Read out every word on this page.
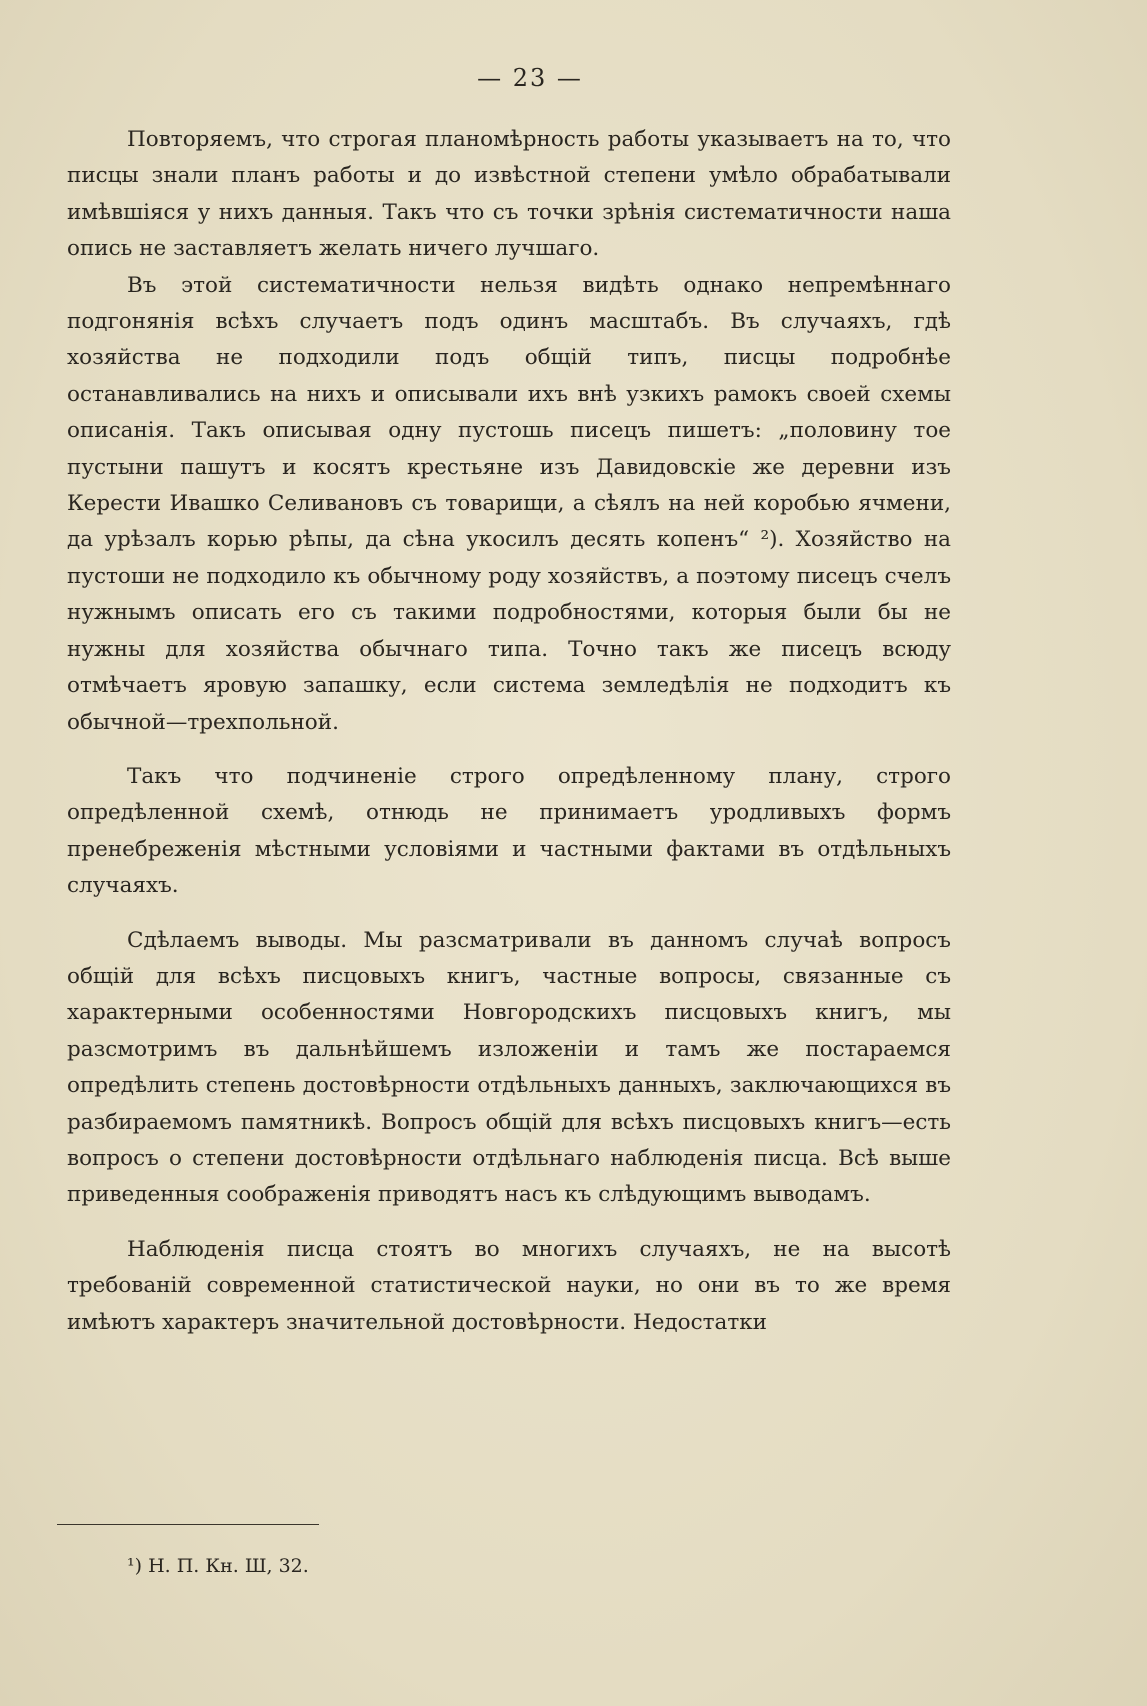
— 23 —

Повторяемъ, что строгая планомѣрность работы указываетъ на то, что писцы знали планъ работы и до извѣстной степени умѣло обрабатывали имѣвшіяся у нихъ данныя. Такъ что съ точки зрѣнія систематичности наша опись не заставляетъ желать ничего лучшаго.

Въ этой систематичности нельзя видѣть однако непремѣннаго подгонянія всѣхъ случаетъ подъ одинъ масштабъ. Въ случаяхъ, гдѣ хозяйства не подходили подъ общій типъ, писцы подробнѣе останавливались на нихъ и описывали ихъ внѣ узкихъ рамокъ своей схемы описанія. Такъ описывая одну пустошь писецъ пишетъ: „половину тое пустыни пашутъ и косятъ крестьяне изъ Давидовскіе же деревни изъ Керести Ивашко Селивановъ съ товарищи, а сѣялъ на ней коробью ячмени, да урѣзалъ корью рѣпы, да сѣна укосилъ десять копенъ“ ²). Хозяйство на пустоши не подходило къ обычному роду хозяйствъ, а поэтому писецъ счелъ нужнымъ описать его съ такими подробностями, которыя были бы не нужны для хозяйства обычнаго типа. Точно такъ же писецъ всюду отмѣчаетъ яровую запашку, если система земледѣлія не подходитъ къ обычной—трехпольной.

Такъ что подчиненіе строго опредѣленному плану, строго опредѣленной схемѣ, отнюдь не принимаетъ уродливыхъ формъ пренебреженія мѣстными условіями и частными фактами въ отдѣльныхъ случаяхъ.

Сдѣлаемъ выводы. Мы разсматривали въ данномъ случаѣ вопросъ общій для всѣхъ писцовыхъ книгъ, частные вопросы, связанные съ характерными особенностями Новгородскихъ писцовыхъ книгъ, мы разсмотримъ въ дальнѣйшемъ изложеніи и тамъ же постараемся опредѣлить степень достовѣрности отдѣльныхъ данныхъ, заключающихся въ разбираемомъ памятникѣ. Вопросъ общій для всѣхъ писцовыхъ книгъ—есть вопросъ о степени достовѣрности отдѣльнаго наблюденія писца. Всѣ выше приведенныя соображенія приводятъ насъ къ слѣдующимъ выводамъ.

Наблюденія писца стоятъ во многихъ случаяхъ, не на высотѣ требованій современной статистической науки, но они въ то же время имѣютъ характеръ значительной достовѣрности. Недостатки

¹) Н. П. Кн. Ш, 32.
